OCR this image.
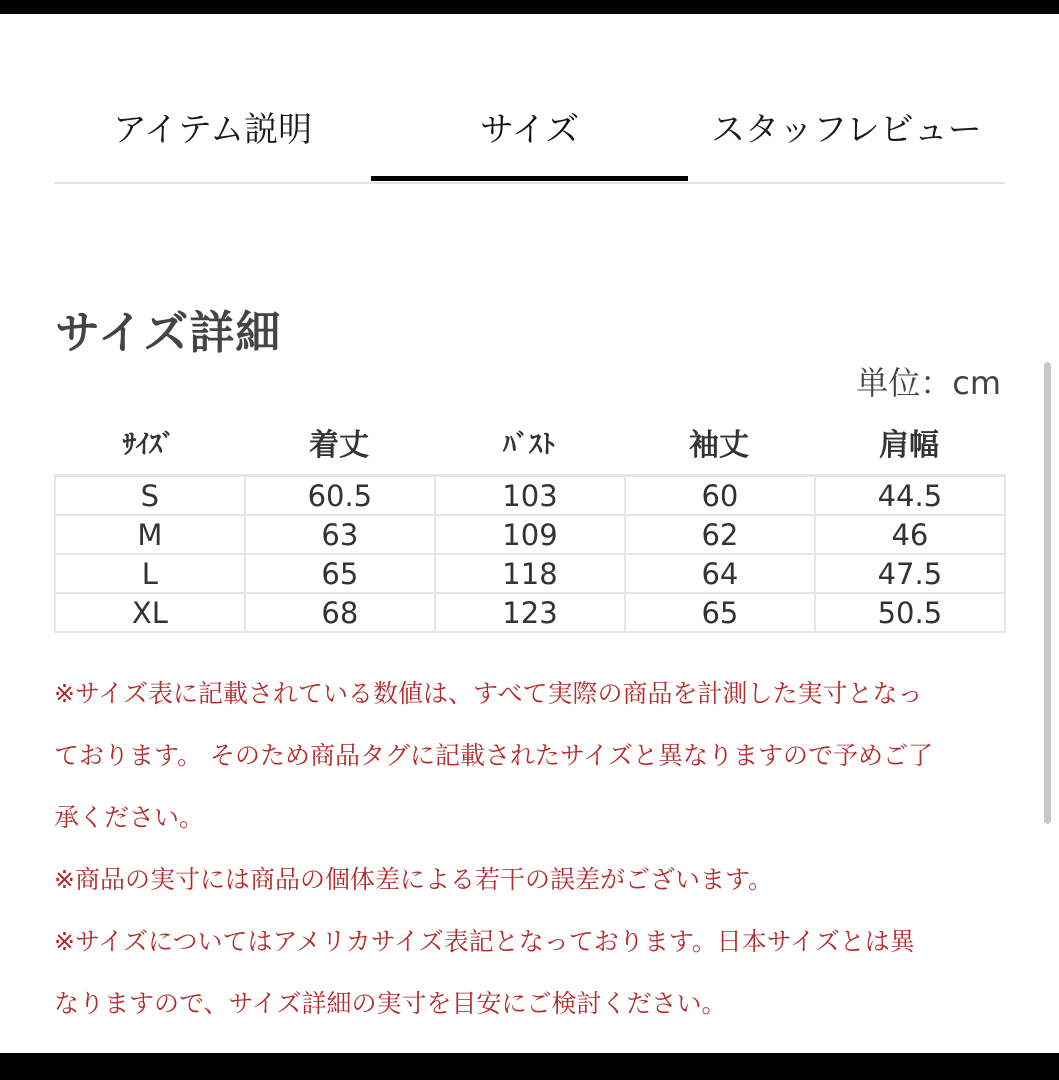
アイテム説明	サイズ	スタッフレビュー
サイズ詳細
単位：cm
ｻｲｽﾞ	着丈	ﾊﾞｽﾄ	袖丈	肩幅
S	60.5	103	60	44.5
M	63	109	62	46
L	65	118	64	47.5
XL	68	123	65	50.5
※サイズ表に記載されている数値は、すべて実際の商品を計測した実寸となっ
ております。 そのため商品タグに記載されたサイズと異なりますので予めご了
承ください。
※商品の実寸には商品の個体差による若干の誤差がございます。
※サイズについてはアメリカサイズ表記となっております。日本サイズとは異
なりますので、サイズ詳細の実寸を目安にご検討ください。
